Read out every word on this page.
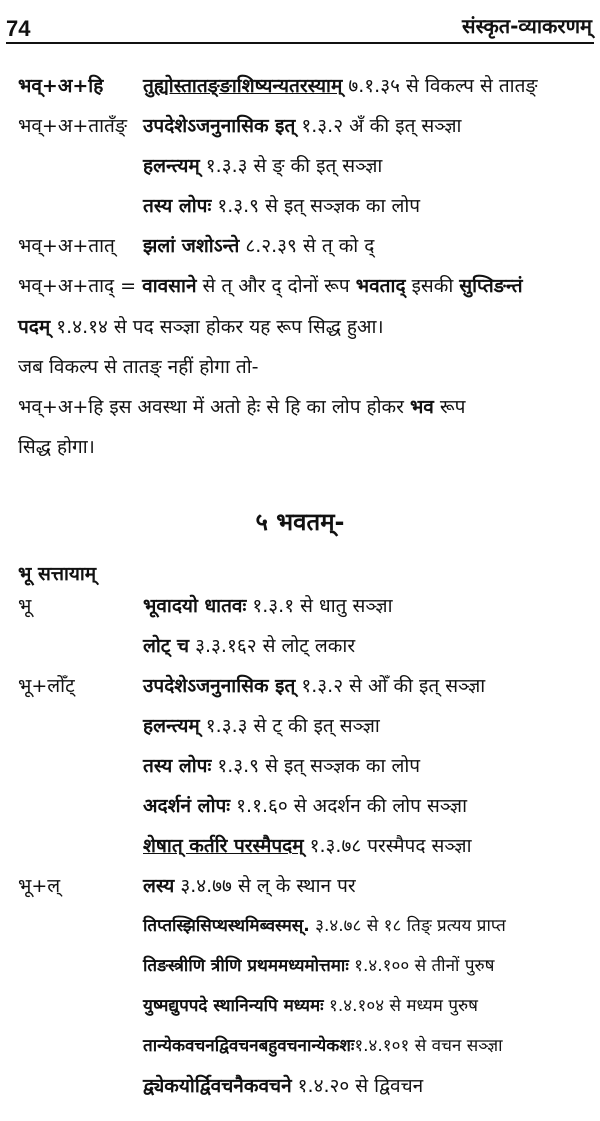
74	संस्कृत-व्याकरणम्
भव्+अ+हि तुह्योस्तातङ्ङाशिष्यन्यतरस्याम् ७.१.३५ से विकल्प से तातङ्
भव्+अ+तातँङ् उपदेशेऽजनुनासिक इत् १.३.२ अँ की इत् सञ्ज्ञा
हलन्त्यम् १.३.३ से ङ् की इत् सञ्ज्ञा
तस्य लोपः १.३.९ से इत् सञ्ज्ञक का लोप
भव्+अ+तात् झलां जशोऽन्ते ८.२.३९ से त् को द्
भव्+अ+ताद् = वावसाने से त् और द् दोनों रूप भवताद् इसकी सुप्तिङन्तं
पदम् १.४.१४ से पद सञ्ज्ञा होकर यह रूप सिद्ध हुआ।
जब विकल्प से तातङ् नहीं होगा तो-
भव्+अ+हि इस अवस्था में अतो हेः से हि का लोप होकर भव रूप
सिद्ध होगा।
५ भवतम्-
भू सत्तायाम्
भू	भूवादयो धातवः १.३.१ से धातु सञ्ज्ञा
लोट् च ३.३.१६२ से लोट् लकार
भू+लोँट्	उपदेशेऽजनुनासिक इत् १.३.२ से ओँ की इत् सञ्ज्ञा
हलन्त्यम् १.३.३ से ट् की इत् सञ्ज्ञा
तस्य लोपः १.३.९ से इत् सञ्ज्ञक का लोप
अदर्शनं लोपः १.१.६० से अदर्शन की लोप सञ्ज्ञा
शेषात् कर्तरि परस्मैपदम् १.३.७८ परस्मैपद सञ्ज्ञा
भू+ल्	लस्य ३.४.७७ से ल् के स्थान पर
तिप्तस्झिसिप्थस्थमिब्वस्मस्. ३.४.७८ से १८ तिङ् प्रत्यय प्राप्त
तिङस्त्रीणि त्रीणि प्रथममध्यमोत्तमाः १.४.१०० से तीनों पुरुष
युष्मद्युपपदे स्थानिन्यपि मध्यमः १.४.१०४ से मध्यम पुरुष
तान्येकवचनद्विवचनबहुवचनान्येकशः१.४.१०१ से वचन सञ्ज्ञा
द्व्येकयोर्द्विवचनैकवचने १.४.२० से द्विवचन
